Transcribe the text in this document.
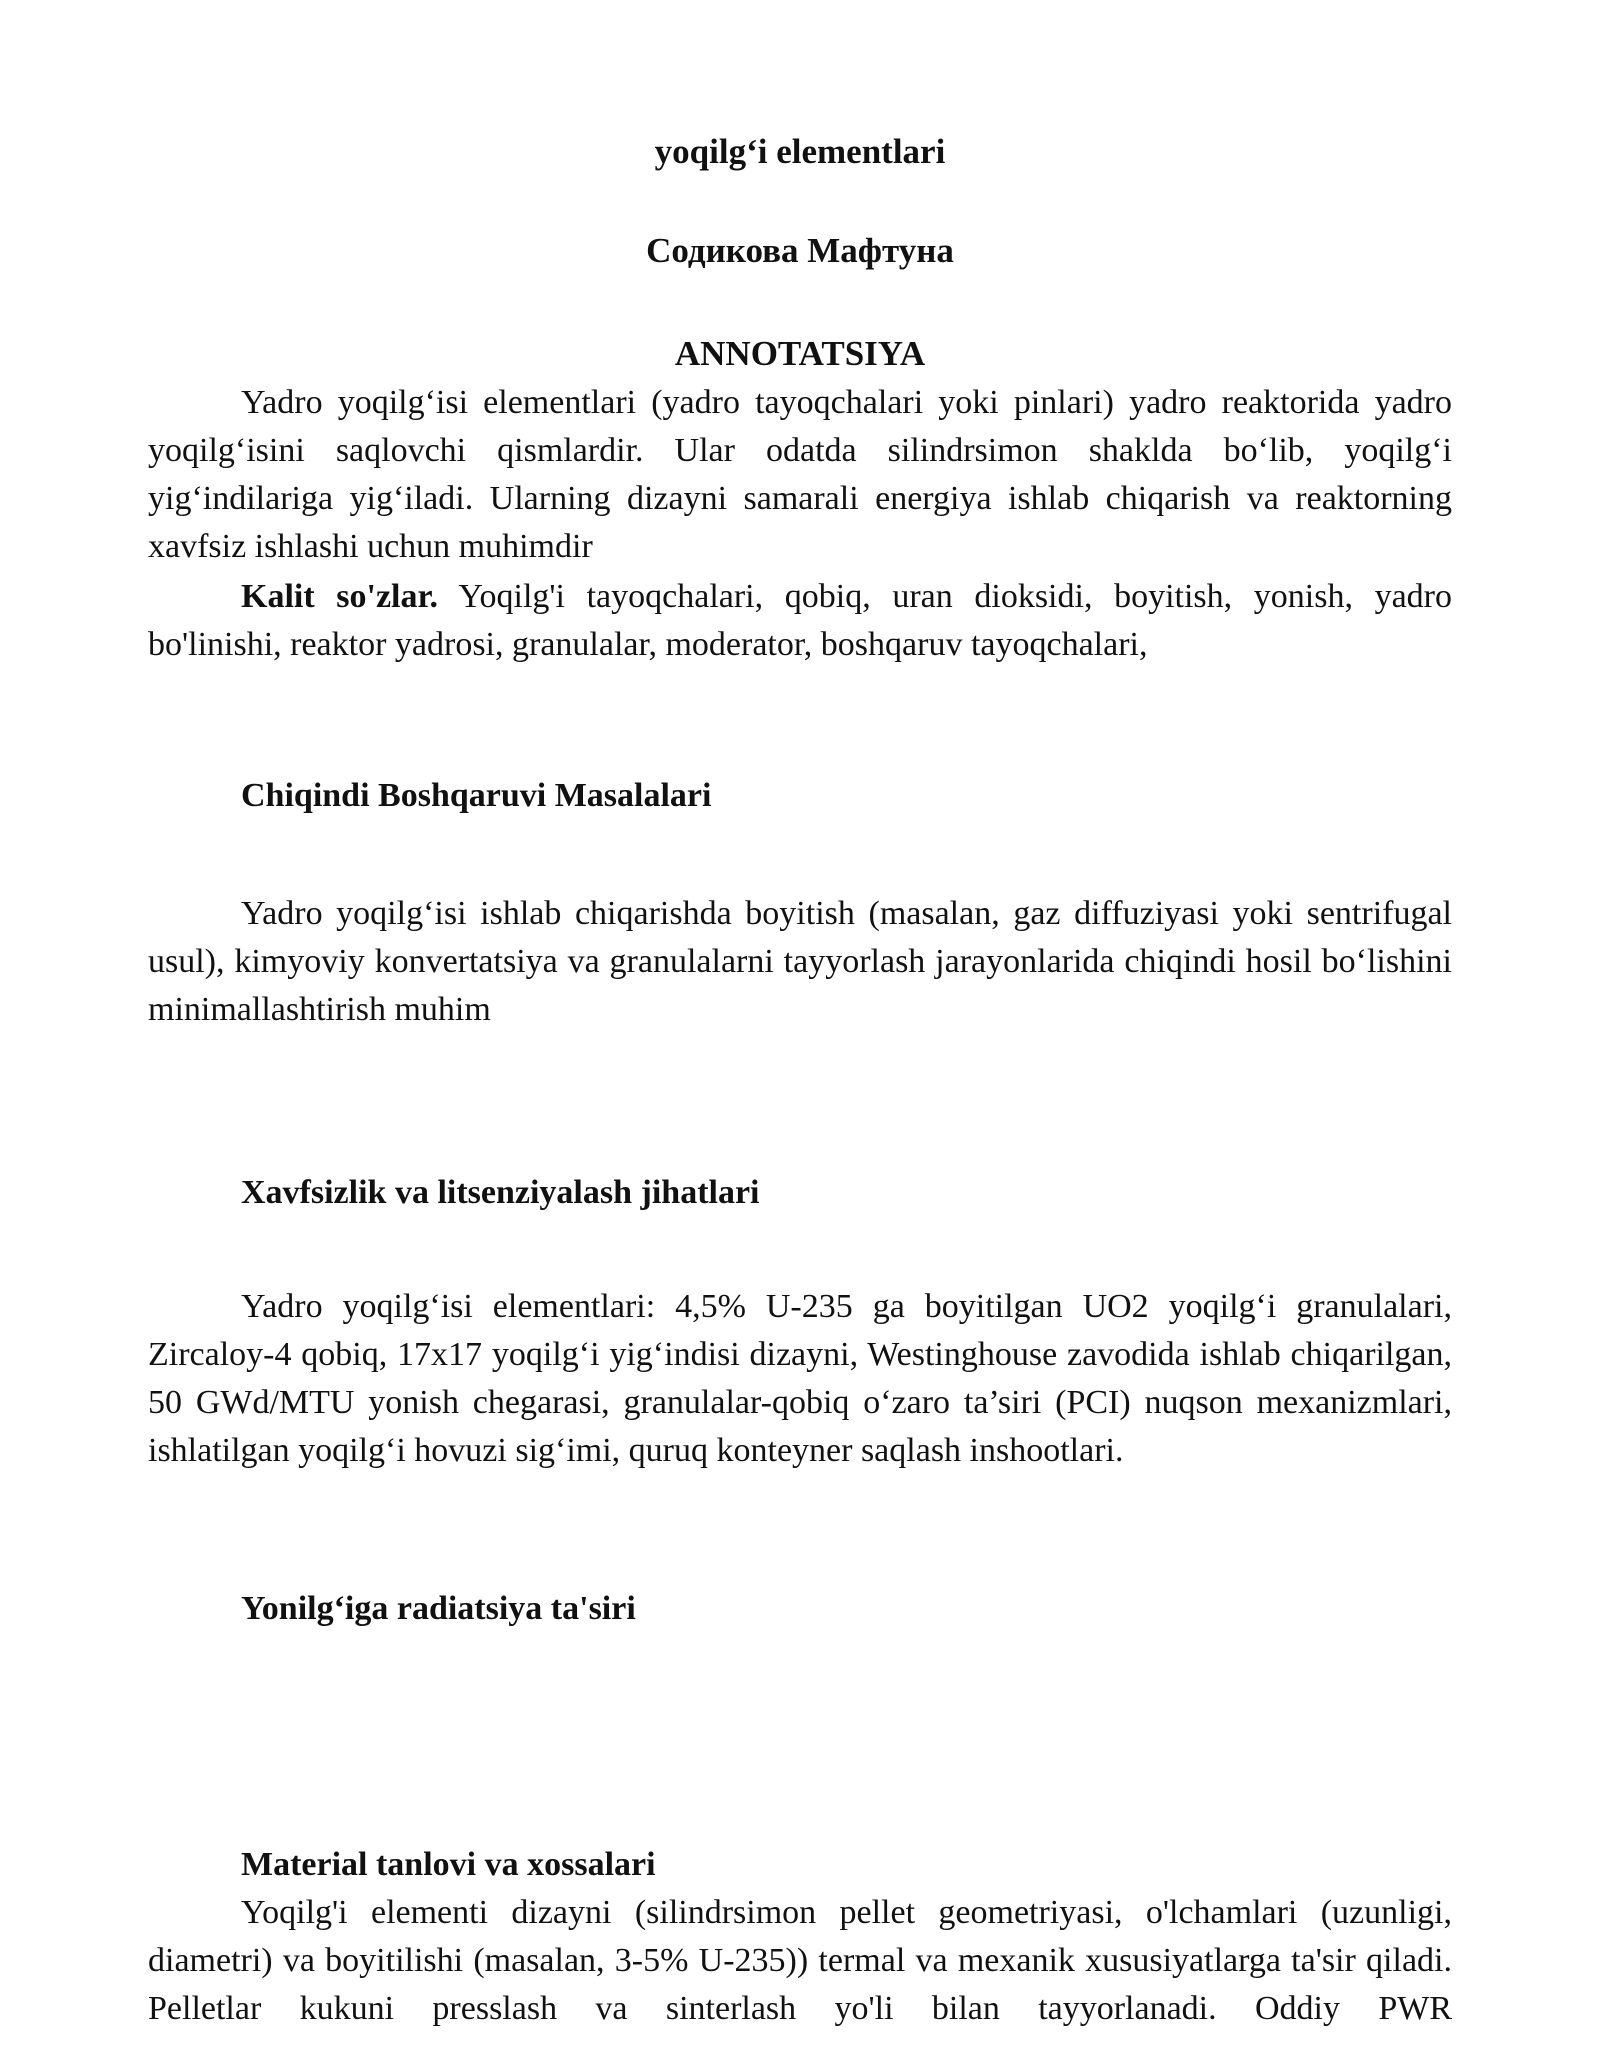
yoqilg‘i elementlari

Содикова Мафтуна

ANNOTATSIYA

Yadro yoqilg‘isi elementlari (yadro tayoqchalari yoki pinlari) yadro reaktorida yadro yoqilg‘isini saqlovchi qismlardir. Ular odatda silindrsimon shaklda bo‘lib, yoqilg‘i yig‘indilariga yig‘iladi. Ularning dizayni samarali energiya ishlab chiqarish va reaktorning xavfsiz ishlashi uchun muhimdir

Kalit so'zlar. Yoqilg'i tayoqchalari, qobiq, uran dioksidi, boyitish, yonish, yadro bo'linishi, reaktor yadrosi, granulalar, moderator, boshqaruv tayoqchalari,

Chiqindi Boshqaruvi Masalalari

Yadro yoqilg‘isi ishlab chiqarishda boyitish (masalan, gaz diffuziyasi yoki sentrifugal usul), kimyoviy konvertatsiya va granulalarni tayyorlash jarayonlarida chiqindi hosil bo‘lishini minimallashtirish muhim

Xavfsizlik va litsenziyalash jihatlari

Yadro yoqilg‘isi elementlari: 4,5% U-235 ga boyitilgan UO2 yoqilg‘i granulalari, Zircaloy-4 qobiq, 17x17 yoqilg‘i yig‘indisi dizayni, Westinghouse zavodida ishlab chiqarilgan, 50 GWd/MTU yonish chegarasi, granulalar-qobiq o‘zaro ta’siri (PCI) nuqson mexanizmlari, ishlatilgan yoqilg‘i hovuzi sig‘imi, quruq konteyner saqlash inshootlari.

Yonilg‘iga radiatsiya ta'siri

Material tanlovi va xossalari

Yoqilg'i elementi dizayni (silindrsimon pellet geometriyasi, o'lchamlari (uzunligi, diametri) va boyitilishi (masalan, 3-5% U-235)) termal va mexanik xususiyatlarga ta'sir qiladi. Pelletlar kukuni presslash va sinterlash yo'li bilan tayyorlanadi. Oddiy PWR
